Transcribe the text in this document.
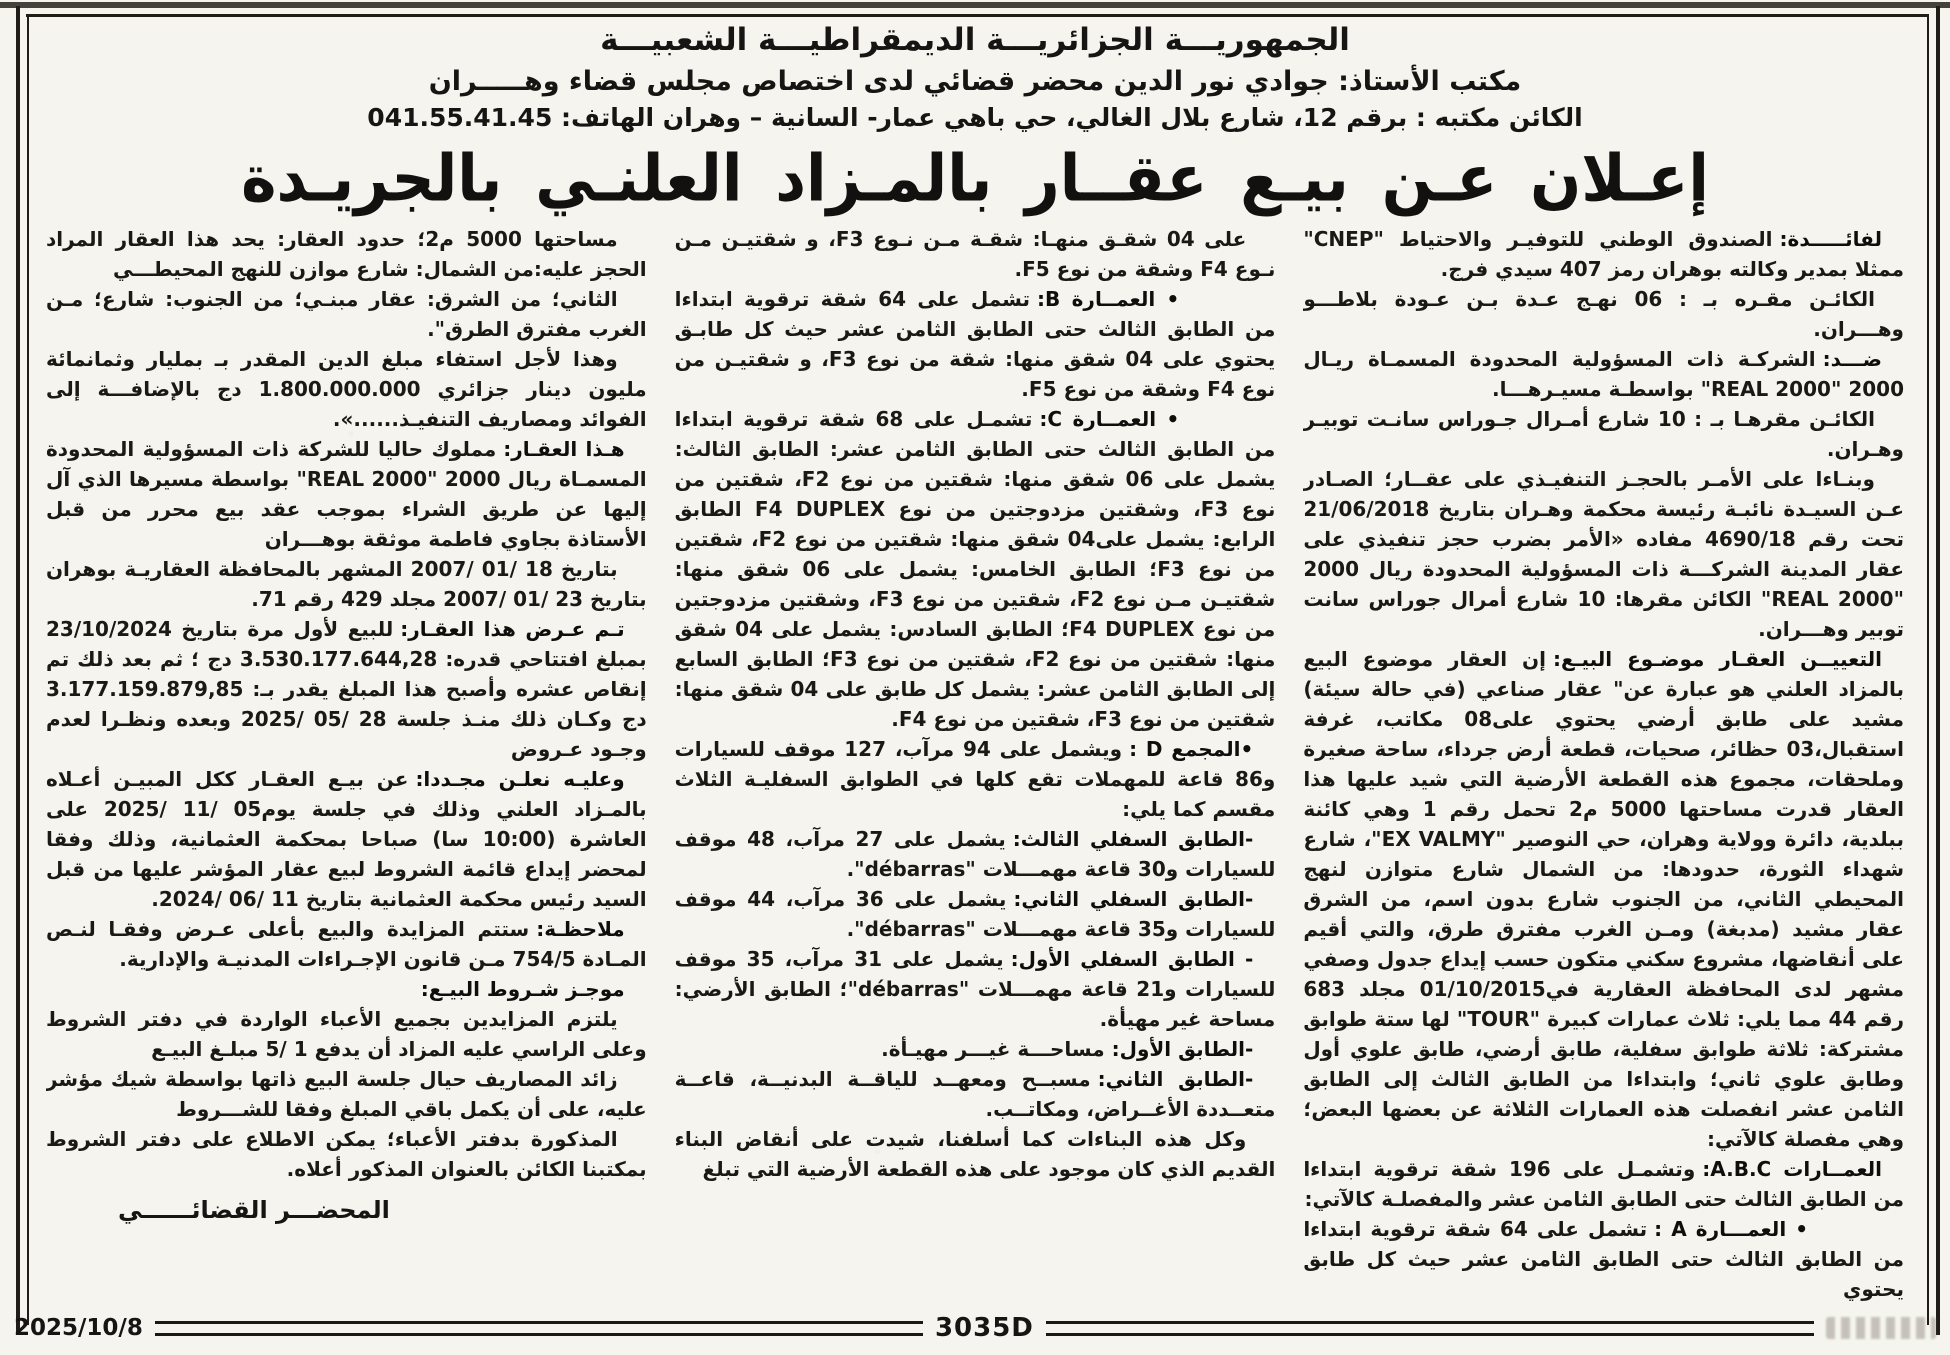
الجمهوريـــة الجزائريـــة الديمقراطيـــة الشعبيـــة
مكتب الأستاذ: جوادي نور الدين محضر قضائي لدى اختصاص مجلس قضاء وهـــــران
الكائن مكتبه : برقم 12، شارع بلال الغالي، حي باهي عمار- السانية – وهران الهاتف: 041.55.41.45
إعـلان عـن بيـع عقــار بالمـزاد العلنـي بالجريـدة

لفائـــــدة:الصندوق الوطني للتوفيـر والاحتياط "CNEP" ممثلا بمدير وكالته بوهران رمز 407 سيدي فرج.

الكائـن مقـره بـ : 06 نهـج عـدة بـن عـودة بلاطـــو وهـــران.

ضـــد:الشركـة ذات المسؤولية المحدودة المسمـاة ريـال 2000 "REAL 2000" بواسطـة مسيـرهـــا.

الكائـن مقرهـا بـ : 10 شارع أمـرال جـوراس سانـت توبيـر وهـران.

وبنـاءا على الأمـر بالحجـز التنفيـذي على عقــار؛ الصـادر عـن السيـدة نائبـة رئيسة محكمة وهـران بتاريخ 21/06/2018 تحت رقم 4690/18 مفاده «الأمر بضرب حجز تنفيذي على عقار المدينة الشركـــة ذات المسؤولية المحدودة ريال 2000 "REAL 2000" الكائن مقرها: 10 شارع أمرال جوراس سانت توبير وهـــران.

التعييــن العقـار موضـوع البيـع:إن العقار موضوع البيع بالمزاد العلني هو عبارة عن" عقار صناعي (في حالة سيئة) مشيد على طابق أرضي يحتوي على08 مكاتب، غرفة استقبال،03 حظائر، صحيات، قطعة أرض جرداء، ساحة صغيرة وملحقات، مجموع هذه القطعة الأرضية التي شيد عليها هذا العقار قدرت مساحتها 5000 م2 تحمل رقم 1 وهي كائنة ببلدية، دائرة وولاية وهران، حي النوصير "EX VALMY"، شارع شهداء الثورة، حدودها: من الشمال شارع متوازن لنهج المحيطي الثاني، من الجنوب شارع بدون اسم، من الشرق عقار مشيد (مدبغة) ومـن الغرب مفترق طرق، والتي أقيم على أنقاضها، مشروع سكني متكون حسب إيداع جدول وصفي مشهر لدى المحافظة العقارية في01/10/2015 مجلد 683 رقم 44 مما يلي: ثلاث عمارات كبيرة "TOUR" لها ستة طوابق مشتركة: ثلاثة طوابق سفلية، طابق أرضي، طابق علوي أول وطابق علوي ثاني؛ وابتداءا من الطابق الثالث إلى الطابق الثامن عشر انفصلت هذه العمارات الثلاثة عن بعضها البعض؛ وهي مفصلة كالآتي:

العمــارات A.B.C:وتشمـل على 196 شقة ترقوية ابتداءا من الطابق الثالث حتى الطابق الثامن عشر والمفصلـة كالآتي:

• العمـــارة A :تشمل على 64 شقة ترقوية ابتداءا من الطابق الثالث حتى الطابق الثامن عشر حيث كل طابق يحتوي

على 04 شقـق منهـا: شقـة مـن نـوع F3، و شقتيـن مـن نـوع F4 وشقة من نوع F5.

• العمــارة B:تشمل على 64 شقة ترقوية ابتداءا من الطابق الثالث حتى الطابق الثامن عشر حيث كل طابـق يحتوي على 04 شقق منها: شقة من نوع F3، و شقتيـن من نوع F4 وشقة من نوع F5.

• العمــارة C:تشمـل على 68 شقة ترقوية ابتداءا من الطابق الثالث حتى الطابق الثامن عشر: الطابق الثالث: يشمل على 06 شقق منها: شقتين من نوع F2، شقتين من نوع F3، وشقتين مزدوجتين من نوع F4 DUPLEX الطابق الرابع: يشمل على04 شقق منها: شقتين من نوع F2، شقتين من نوع F3؛ الطابق الخامس: يشمل على 06 شقق منها: شقتيـن مـن نوع F2، شقتين من نوع F3، وشقتين مزدوجتين من نوع F4 DUPLEX؛ الطابق السادس: يشمل على 04 شقق منها: شقتين من نوع F2، شقتين من نوع F3؛ الطابق السابع إلى الطابق الثامن عشر: يشمل كل طابق على 04 شقق منها: شقتين من نوع F3، شقتين من نوع F4.

•المجمع D :ويشمل على 94 مرآب، 127 موقف للسيارات و86 قاعة للمهملات تقع كلها في الطوابق السفليـة الثلاث مقسم كما يلي:

-الطابق السفلي الثالث:يشمل على 27 مرآب، 48 موقف للسيارات و30 قاعة مهمـــلات "débarras".

-الطابق السفلي الثاني:يشمل على 36 مرآب، 44 موقف للسيارات و35 قاعة مهمـــلات "débarras".

- الطابق السفلي الأول:يشمل على 31 مرآب، 35 موقف للسيارات و21 قاعة مهمـــلات "débarras"؛ الطابق الأرضي: مساحة غير مهيأة.

-الطابق الأول:مساحـــة غيـــر مهيـأة.

-الطابق الثاني:مسبــح ومعهــد للياقــة البدنيــة، قاعــة متعــددة الأغــراض، ومكاتــب.

وكل هذه البناءات كما أسلفنا، شيدت على أنقاض البناء القديم الذي كان موجود على هذه القطعة الأرضية التي تبلغ

مساحتها 5000 م2؛ حدود العقار: يحد هذا العقار المراد الحجز عليه:من الشمال: شارع موازن للنهج المحيطـــي

الثاني؛ من الشرق: عقار مبنـي؛ من الجنوب: شارع؛ مـن الغرب مفترق الطرق".

وهذا لأجل استفاء مبلغ الدين المقدر بـ بمليار وثمانمائة مليون دينار جزائري 1.800.000.000 دج بالإضافـــة إلى الفوائد ومصاريف التنفيـذ......».

هـذا العقـار:مملوك حاليا للشركة ذات المسؤولية المحدودة المسمـاة ريال 2000 "REAL 2000" بواسطة مسيرها الذي آل إليها عن طريق الشراء بموجب عقد بيع محرر من قبل الأستاذة بجاوي فاطمة موثقة بوهـــران

بتاريخ 18 /01 /2007 المشهر بالمحافظة العقاريـة بوهران بتاريخ 23 /01 /2007 مجلد 429 رقم 71.

تـم عـرض هذا العقـار:للبيع لأول مرة بتاريخ 23/10/2024 بمبلغ افتتاحي قدره: 3.530.177.644,28 دج ؛ ثم بعد ذلك تم إنقاص عشره وأصبح هذا المبلغ يقدر بـ: 3.177.159.879,85 دج وكـان ذلك منـذ جلسة 28 /05 /2025 وبعده ونظـرا لعدم وجـود عـروض

وعليـه نعلـن مجـددا:عن بيـع العقـار ككل المبيـن أعـلاه بالمـزاد العلني وذلك في جلسة يوم05 /11 /2025 على العاشرة (10:00 سا) صباحا بمحكمة العثمانية، وذلك وفقا لمحضر إيداع قائمة الشروط لبيع عقار المؤشر عليها من قبل السيد رئيس محكمة العثمانية بتاريخ 11 /06 /2024.

ملاحظـة:ستتم المزايدة والبيع بأعلى عـرض وفقـا لنـص المـادة 754/5 مـن قانون الإجـراءات المدنيـة والإدارية.

موجـز شـروط البيـع:

يلتزم المزايدين بجميع الأعباء الواردة في دفتر الشروط وعلى الراسي عليه المزاد أن يدفع 1 /5 مبلـغ البيـع

زائد المصاريف حيال جلسة البيع ذاتها بواسطة شيك مؤشر عليه، على أن يكمل باقي المبلغ وفقا للشـــروط

المذكورة بدفتر الأعباء؛ يمكن الاطلاع على دفتر الشروط بمكتبنا الكائن بالعنوان المذكور أعلاه.

المحضـــر القضائــــــي
2025/10/8	3035D
